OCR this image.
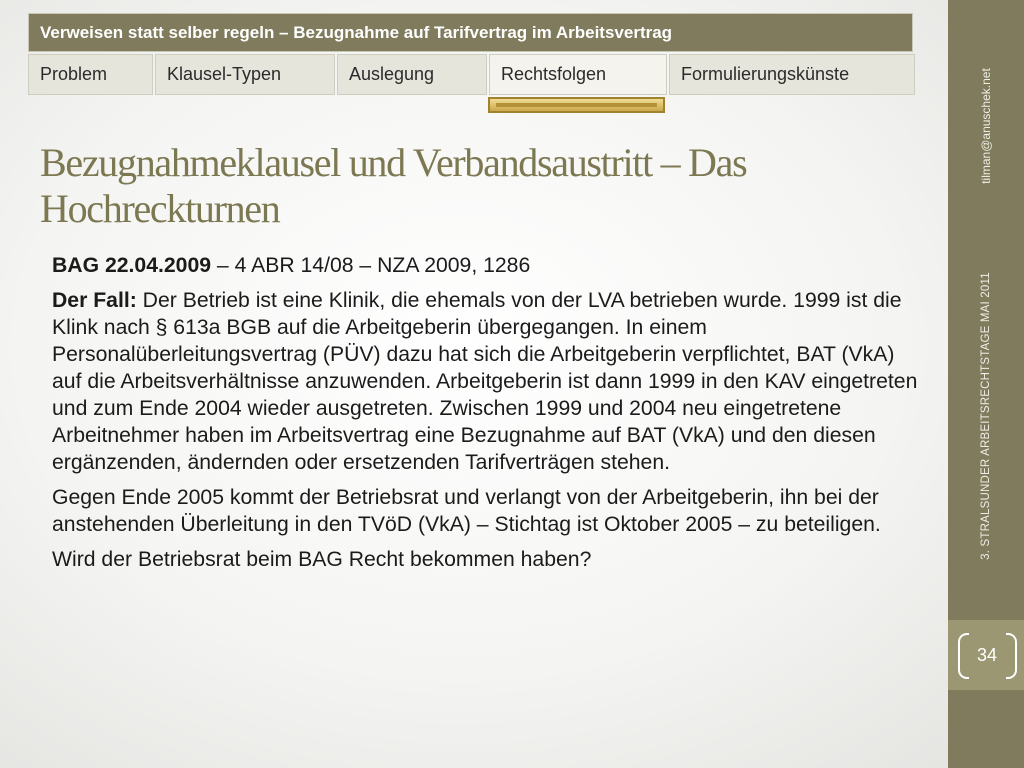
tilman@anuschek.net
3. STRALSUNDER ARBEITSRECHTSTAGE MAI 2011
34
Verweisen statt selber regeln – Bezugnahme auf Tarifvertrag im Arbeitsvertrag
Problem	Klausel-Typen	Auslegung	Rechtsfolgen	Formulierungskünste
Bezugnahmeklausel und Verbandsaustritt – Das Hochreckturnen

BAG 22.04.2009 – 4 ABR 14/08 – NZA 2009, 1286

Der Fall: Der Betrieb ist eine Klinik, die ehemals von der LVA betrieben wurde. 1999 ist die Klink nach § 613a BGB auf die Arbeitgeberin übergegangen. In einem Personalüberleitungsvertrag (PÜV) dazu hat sich die Arbeitgeberin verpflichtet, BAT (VkA) auf die Arbeitsverhältnisse anzuwenden. Arbeitgeberin ist dann 1999 in den KAV eingetreten und zum Ende 2004 wieder ausgetreten. Zwischen 1999 und 2004 neu eingetretene Arbeitnehmer haben im Arbeitsvertrag eine Bezugnahme auf BAT (VkA) und den diesen ergänzenden, ändernden oder ersetzenden Tarifverträgen stehen.

Gegen Ende 2005 kommt der Betriebsrat und verlangt von der Arbeitgeberin, ihn bei der anstehenden Überleitung in den TVöD (VkA) – Stichtag ist Oktober 2005 – zu beteiligen.

Wird der Betriebsrat beim BAG Recht bekommen haben?
